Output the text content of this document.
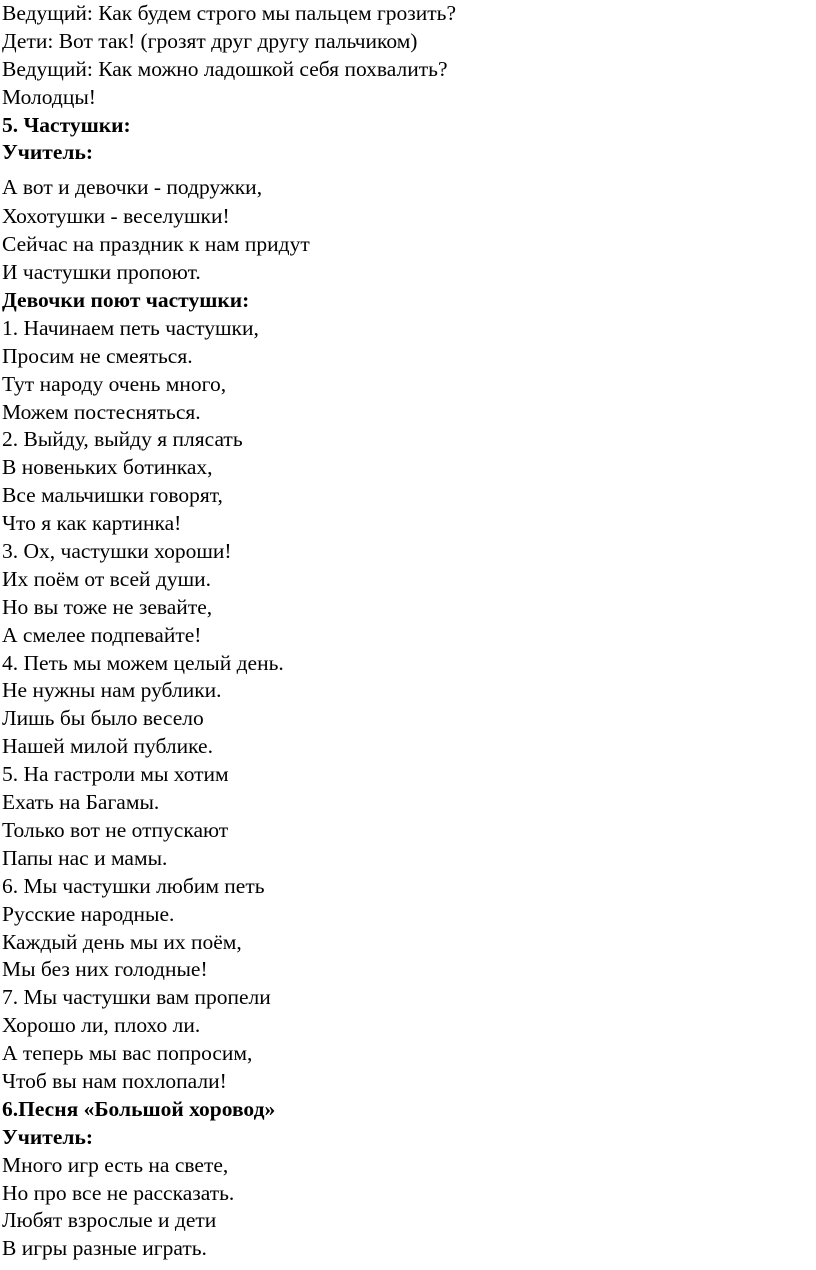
Ведущий: Как будем строго мы пальцем грозить?
Дети: Вот так! (грозят друг другу пальчиком)
Ведущий: Как можно ладошкой себя похвалить?
Молодцы!
5. Частушки:
Учитель:
А вот и девочки - подружки,
Хохотушки - веселушки!
Сейчас на праздник к нам придут
И частушки пропоют.
Девочки поют частушки:
1. Начинаем петь частушки,
Просим не смеяться.
Тут народу очень много,
Можем постесняться.
2. Выйду, выйду я плясать
В новеньких ботинках,
Все мальчишки говорят,
Что я как картинка!
3. Ох, частушки хороши!
Их поём от всей души.
Но вы тоже не зевайте,
А смелее подпевайте!
4. Петь мы можем целый день.
Не нужны нам рублики.
Лишь бы было весело
Нашей милой публике.
5. На гастроли мы хотим
Ехать на Багамы.
Только вот не отпускают
Папы нас и мамы.
6. Мы частушки любим петь
Русские народные.
Каждый день мы их поём,
Мы без них голодные!
7. Мы частушки вам пропели
Хорошо ли, плохо ли.
А теперь мы вас попросим,
Чтоб вы нам похлопали!
6.Песня «Большой хоровод»
Учитель:
Много игр есть на свете,
Но про все не рассказать.
Любят взрослые и дети
В игры разные играть.
